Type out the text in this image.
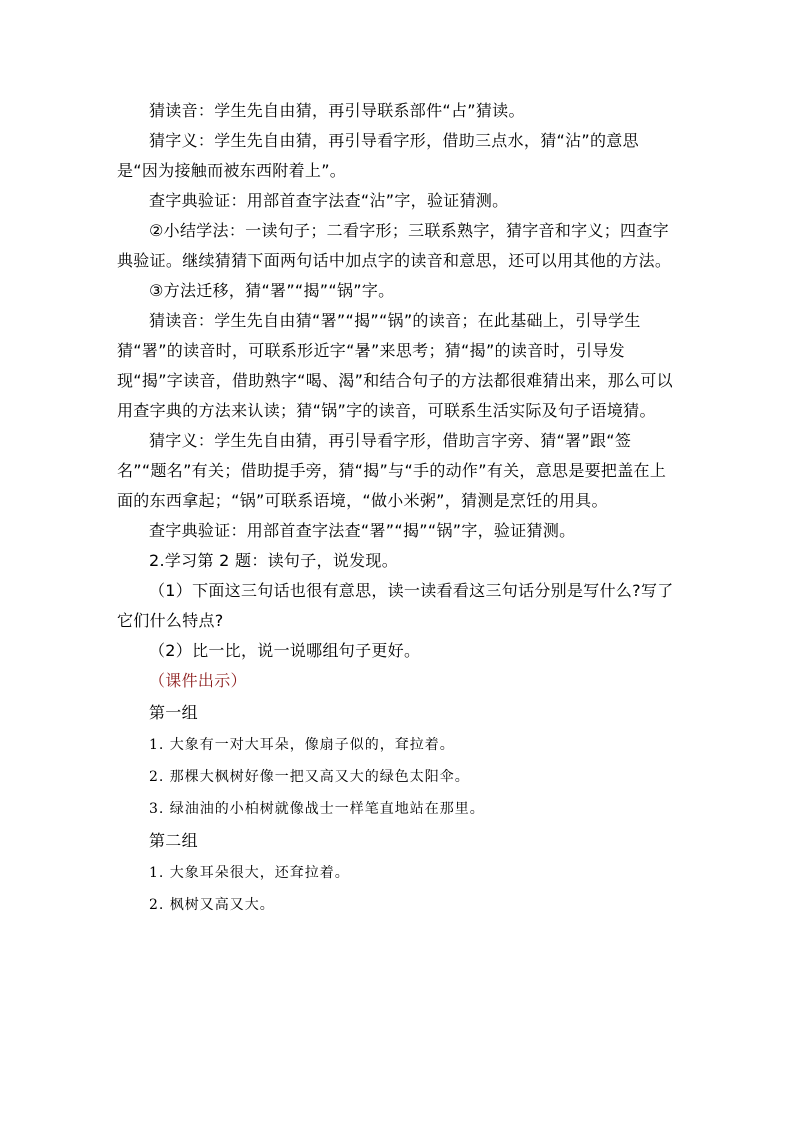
猜读音：学生先自由猜，再引导联系部件“占”猜读。

猜字义：学生先自由猜，再引导看字形，借助三点水，猜“沾”的意思是“因为接触而被东西附着上”。

查字典验证：用部首查字法查“沾”字，验证猜测。

②小结学法：一读句子；二看字形；三联系熟字，猜字音和字义；四查字典验证。继续猜猜下面两句话中加点字的读音和意思，还可以用其他的方法。

③方法迁移，猜“署”“揭”“锅”字。

猜读音：学生先自由猜“署”“揭”“锅”的读音；在此基础上，引导学生猜“署”的读音时，可联系形近字“暑”来思考；猜“揭”的读音时，引导发现“揭”字读音，借助熟字“喝、渴”和结合句子的方法都很难猜出来，那么可以用查字典的方法来认读；猜“锅”字的读音，可联系生活实际及句子语境猜。

猜字义：学生先自由猜，再引导看字形，借助言字旁、猜“署”跟“签名”“题名”有关；借助提手旁，猜“揭”与“手的动作”有关，意思是要把盖在上面的东西拿起；“锅”可联系语境，“做小米粥”，猜测是烹饪的用具。

查字典验证：用部首查字法查“署”“揭”“锅”字，验证猜测。

2.学习第 2 题：读句子，说发现。

（1）下面这三句话也很有意思，读一读看看这三句话分别是写什么?写了它们什么特点?

（2）比一比，说一说哪组句子更好。

（课件出示）

第一组

1. 大象有一对大耳朵，像扇子似的，耷拉着。

2. 那棵大枫树好像一把又高又大的绿色太阳伞。

3. 绿油油的小柏树就像战士一样笔直地站在那里。

第二组

1. 大象耳朵很大，还耷拉着。

2. 枫树又高又大。
